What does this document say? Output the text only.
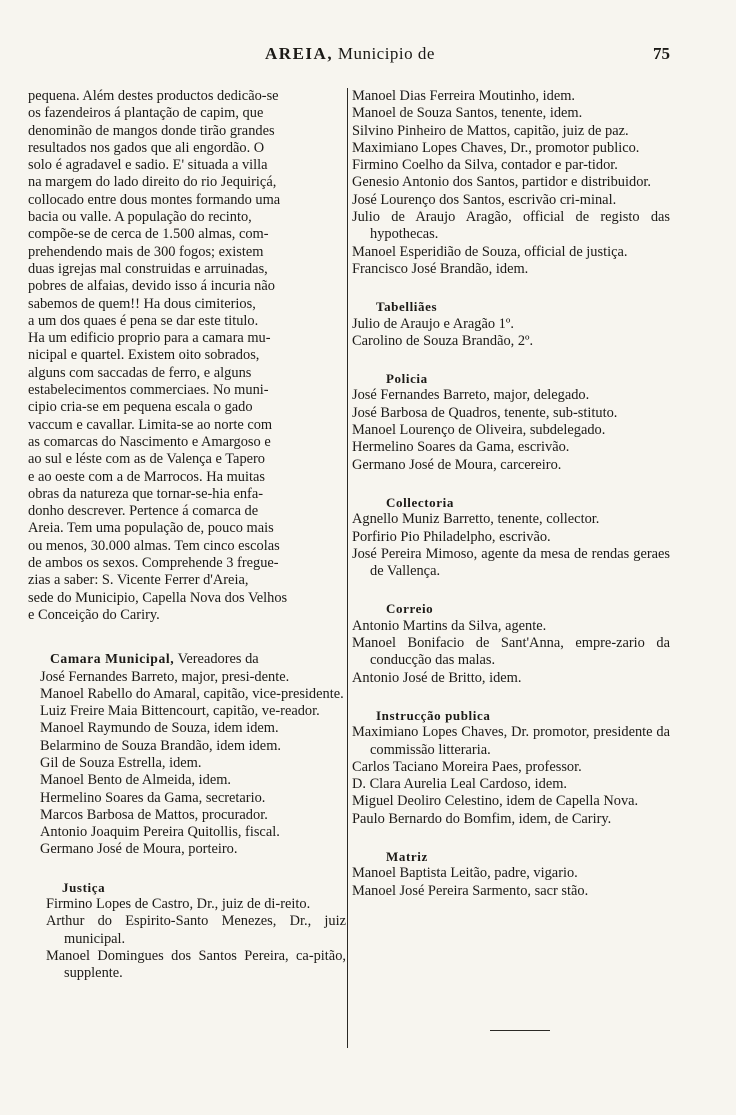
AREIA, Municipio de	75
pequena. Além destes productos dedicão-se
os fazendeiros á plantação de capim, que
denominão de mangos donde tirão grandes
resultados nos gados que ali engordão. O
solo é agradavel e sadio. E' situada a villa
na margem do lado direito do rio Jequiriçá,
collocado entre dous montes formando uma
bacia ou valle. A população do recinto,
compõe-se de cerca de 1.500 almas, com-
prehendendo mais de 300 fogos; existem
duas igrejas mal construidas e arruinadas,
pobres de alfaias, devido isso á incuria não
sabemos de quem!! Ha dous cimiterios,
a um dos quaes é pena se dar este titulo.
Ha um edificio proprio para a camara mu-
nicipal e quartel. Existem oito sobrados,
alguns com saccadas de ferro, e alguns
estabelecimentos commerciaes. No muni-
cipio cria-se em pequena escala o gado
vaccum e cavallar. Limita-se ao norte com
as comarcas do Nascimento e Amargoso e
ao sul e léste com as de Valença e Tapero
e ao oeste com a de Marrocos. Ha muitas
obras da natureza que tornar-se-hia enfa-
donho descrever. Pertence á comarca de
Areia. Tem uma população de, pouco mais
ou menos, 30.000 almas. Tem cinco escolas
de ambos os sexos. Comprehende 3 fregue-
zias a saber: S. Vicente Ferrer d'Areia,
sede do Municipio, Capella Nova dos Velhos
e Conceição do Cariry.
Camara Municipal, Vereadores da
José Fernandes Barreto, major, presi-dente.
Manoel Rabello do Amaral, capitão, vice-presidente.
Luiz Freire Maia Bittencourt, capitão, ve-reador.
Manoel Raymundo de Souza, idem idem.
Belarmino de Souza Brandão, idem idem.
Gil de Souza Estrella, idem.
Manoel Bento de Almeida, idem.
Hermelino Soares da Gama, secretario.
Marcos Barbosa de Mattos, procurador.
Antonio Joaquim Pereira Quitollis, fiscal.
Germano José de Moura, porteiro.
Justiça
Firmino Lopes de Castro, Dr., juiz de di-reito.
Arthur do Espirito-Santo Menezes, Dr., juiz municipal.
Manoel Domingues dos Santos Pereira, ca-pitão, supplente.
Manoel Dias Ferreira Moutinho, idem.
Manoel de Souza Santos, tenente, idem.
Silvino Pinheiro de Mattos, capitão, juiz de paz.
Maximiano Lopes Chaves, Dr., promotor publico.
Firmino Coelho da Silva, contador e par-tidor.
Genesio Antonio dos Santos, partidor e distribuidor.
José Lourenço dos Santos, escrivão cri-minal.
Julio de Araujo Aragão, official de registo das hypothecas.
Manoel Esperidião de Souza, official de justiça.
Francisco José Brandão, idem.
Tabelliães
Julio de Araujo e Aragão 1º.
Carolino de Souza Brandão, 2º.
Policia
José Fernandes Barreto, major, delegado.
José Barbosa de Quadros, tenente, sub-stituto.
Manoel Lourenço de Oliveira, subdelegado.
Hermelino Soares da Gama, escrivão.
Germano José de Moura, carcereiro.
Collectoria
Agnello Muniz Barretto, tenente, collector.
Porfirio Pio Philadelpho, escrivão.
José Pereira Mimoso, agente da mesa de rendas geraes de Vallença.
Correio
Antonio Martins da Silva, agente.
Manoel Bonifacio de Sant'Anna, empre-zario da conducção das malas.
Antonio José de Britto, idem.
Instrucção publica
Maximiano Lopes Chaves, Dr. promotor, presidente da commissão litteraria.
Carlos Taciano Moreira Paes, professor.
D. Clara Aurelia Leal Cardoso, idem.
Miguel Deoliro Celestino, idem de Capella Nova.
Paulo Bernardo do Bomfim, idem, de Cariry.
Matriz
Manoel Baptista Leitão, padre, vigario.
Manoel José Pereira Sarmento, sacr stão.
